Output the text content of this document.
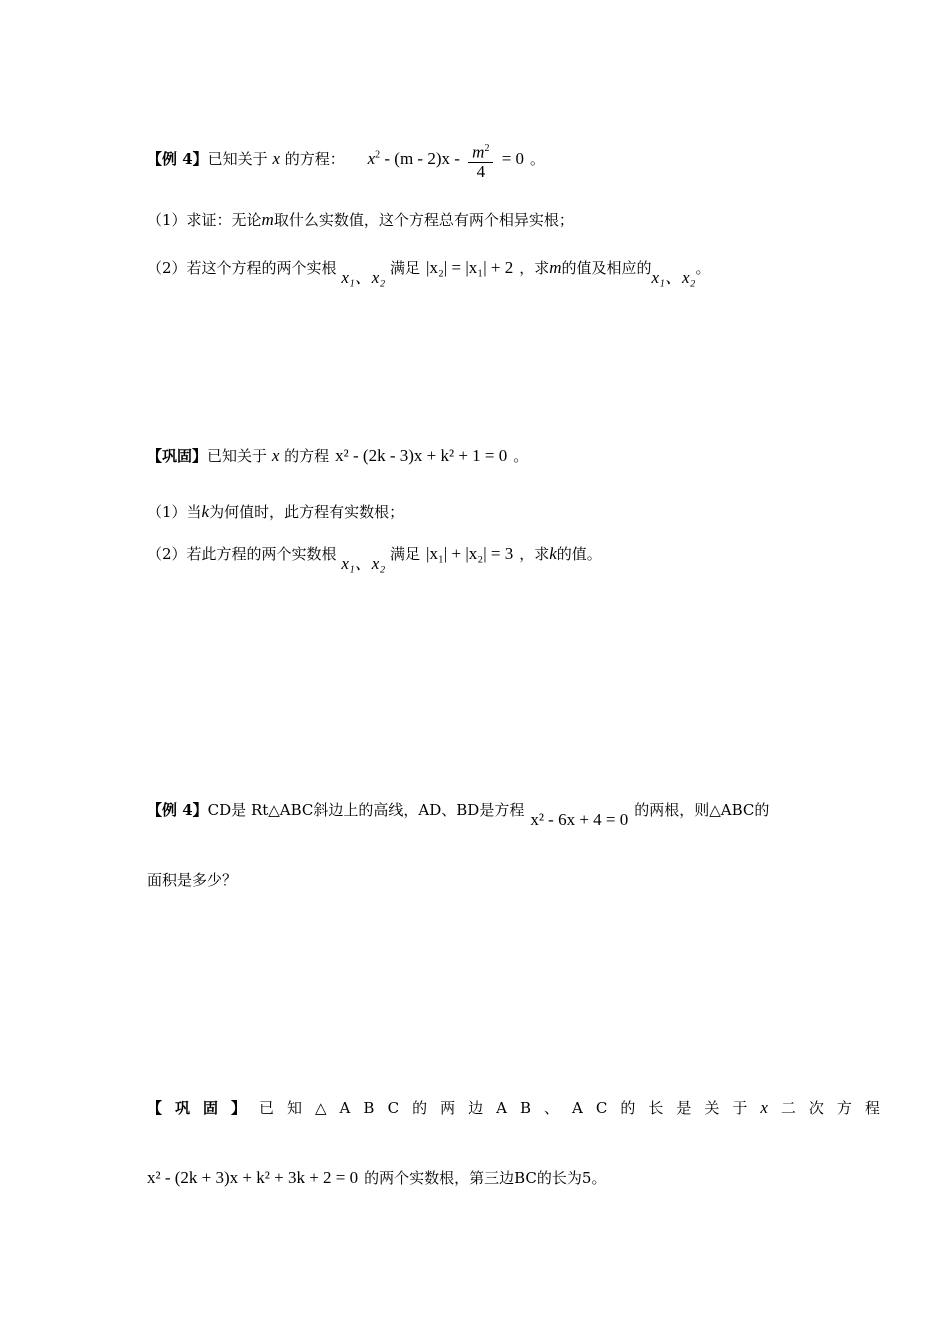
【例 4】已知关于 x 的方程： $x^2 - (m - 2)x - \frac{m^2}{4} = 0$ 。
（1）求证：无论m取什么实数值，这个方程总有两个相异实根；
（2）若这个方程的两个实根 x₁、x₂ 满足 |x₂| = |x₁| + 2 ，求m的值及相应的x₁、x₂。
【巩固】已知关于 x 的方程 x² - (2k - 3)x + k² + 1 = 0 。
（1）当k为何值时，此方程有实数根；
（2）若此方程的两个实数根 x₁、x₂ 满足 |x₁| + |x₂| = 3 ，求k的值。
【例 4】CD是 Rt△ABC斜边上的高线，AD、BD是方程 x² - 6x + 4 = 0 的两根，则△ABC的
面积是多少？
【巩固】已知△ABC的两边AB、AC的长是关于x二次方程
x² - (2k + 3)x + k² + 3k + 2 = 0 的两个实数根，第三边BC的长为5。
